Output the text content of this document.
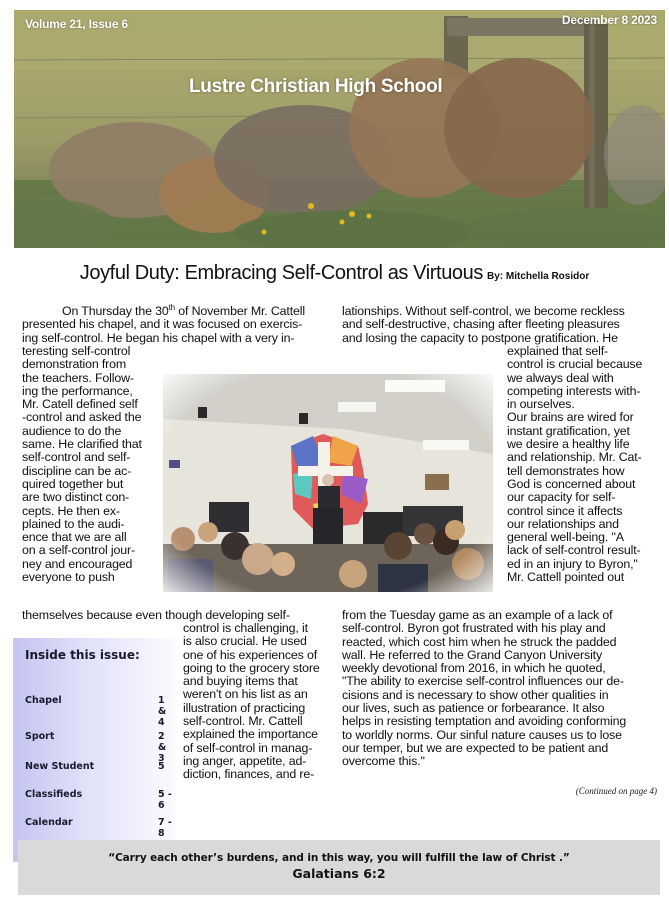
Volume 21, Issue 6	December 8 2023
Lustre Christian High School
Joyful Duty: Embracing Self-Control as Virtuous By: Mitchella Rosidor
On Thursday the 30th of November Mr. Cattell
presented his chapel, and it was focused on exercis-
ing self-control. He began his chapel with a very in-
teresting self-control
demonstration from
the teachers. Follow-
ing the performance,
Mr. Catell defined self
-control and asked the
audience to do the
same. He clarified that
self-control and self-
discipline can be ac-
quired together but
are two distinct con-
cepts. He then ex-
plained to the audi-
ence that we are all
on a self-control jour-
ney and encouraged
everyone to push
themselves because even though developing self-
control is challenging, it
is also crucial. He used
one of his experiences of
going to the grocery store
and buying items that
weren't on his list as an
illustration of practicing
self-control. Mr. Cattell
explained the importance
of self-control in manag-
ing anger, appetite, ad-
diction, finances, and re-
lationships. Without self-control, we become reckless
and self-destructive, chasing after fleeting pleasures
and losing the capacity to postpone gratification. He
explained that self-
control is crucial because
we always deal with
competing interests with-
in ourselves.
Our brains are wired for
instant gratification, yet
we desire a healthy life
and relationship. Mr. Cat-
tell demonstrates how
God is concerned about
our capacity for self-
control since it affects
our relationships and
general well-being. "A
lack of self-control result-
ed in an injury to Byron,"
Mr. Cattell pointed out
from the Tuesday game as an example of a lack of
self-control. Byron got frustrated with his play and
reacted, which cost him when he struck the padded
wall. He referred to the Grand Canyon University
weekly devotional from 2016, in which he quoted,
"The ability to exercise self-control influences our de-
cisions and is necessary to show other qualities in
our lives, such as patience or forbearance. It also
helps in resisting temptation and avoiding conforming
to worldly norms. Our sinful nature causes us to lose
our temper, but we are expected to be patient and
overcome this."
(Continued on page 4)
Inside this issue:
Chapel	1 & 4
Sport	2 & 3
New Student	5
Classifieds	5 - 6
Calendar	7 - 8
“Carry each other’s burdens, and in this way, you will fulfill the law of Christ .”
Galatians 6:2
